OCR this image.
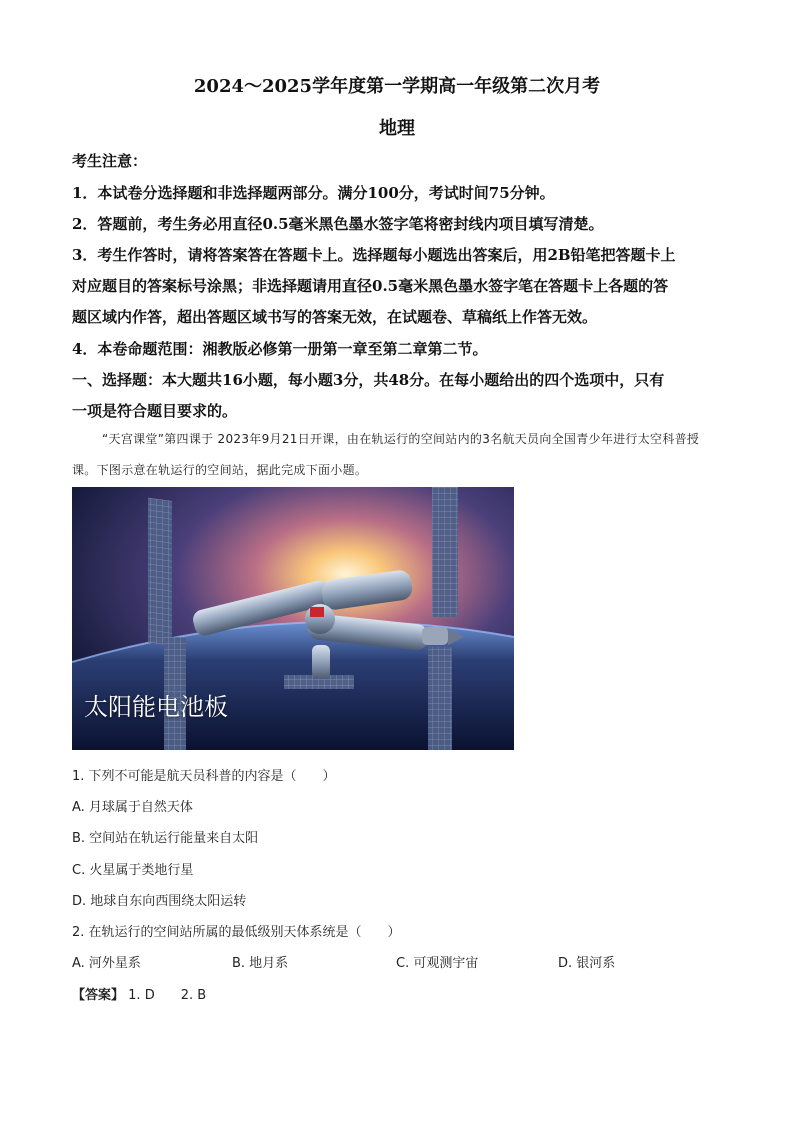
2024～2025学年度第一学期高一年级第二次月考
地理
考生注意：
1．本试卷分选择题和非选择题两部分。满分100分，考试时间75分钟。
2．答题前，考生务必用直径0.5毫米黑色墨水签字笔将密封线内项目填写清楚。
3．考生作答时，请将答案答在答题卡上。选择题每小题选出答案后，用2B铅笔把答题卡上
对应题目的答案标号涂黑；非选择题请用直径0.5毫米黑色墨水签字笔在答题卡上各题的答
题区域内作答，超出答题区域书写的答案无效，在试题卷、草稿纸上作答无效。
4．本卷命题范围：湘教版必修第一册第一章至第二章第二节。
一、选择题：本大题共16小题，每小题3分，共48分。在每小题给出的四个选项中，只有
一项是符合题目要求的。
“天宫课堂”第四课于 2023年9月21日开课，由在轨运行的空间站内的3名航天员向全国青少年进行太空科普授课。下图示意在轨运行的空间站，据此完成下面小题。
太阳能电池板
1. 下列不可能是航天员科普的内容是（　　）
A. 月球属于自然天体
B. 空间站在轨运行能量来自太阳
C. 火星属于类地行星
D. 地球自东向西围绕太阳运转
2. 在轨运行的空间站所属的最低级别天体系统是（　　）
A. 河外星系	B. 地月系	C. 可观测宇宙	D. 银河系
【答案】 1. D　　2. B
